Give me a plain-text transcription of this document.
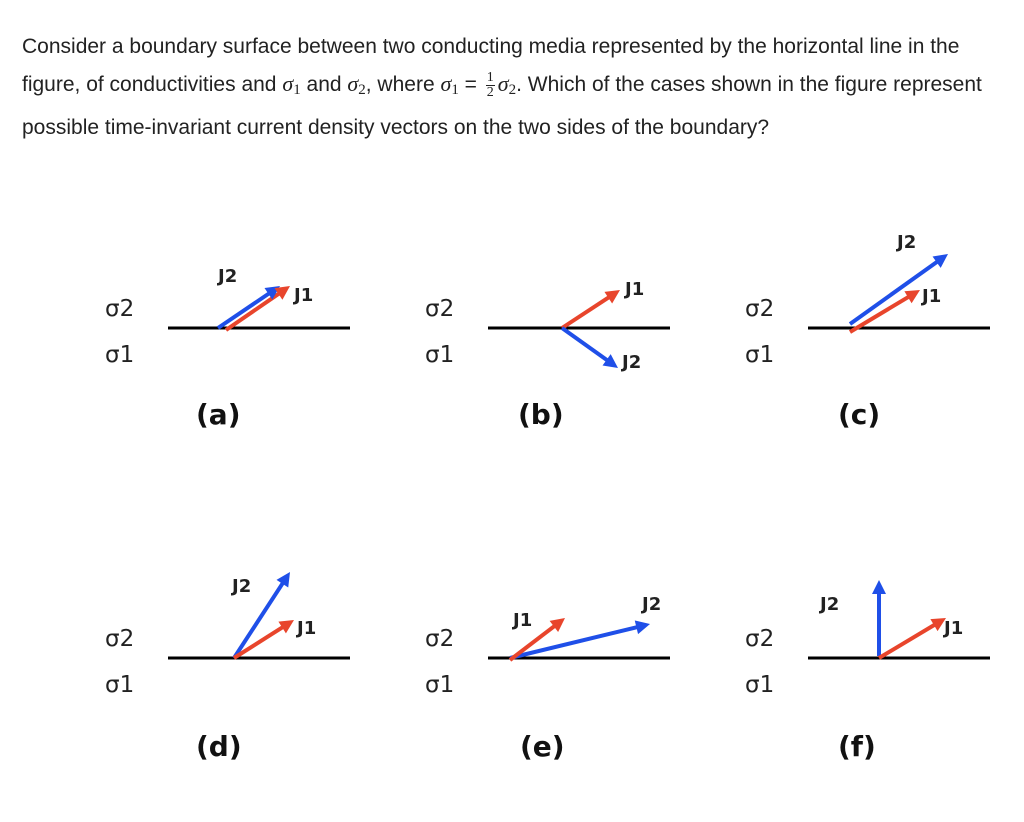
Consider a boundary surface between two conducting media represented by the horizontal line in the figure, of conductivities and $\sigma_1$ and $\sigma_2$, where $\sigma_1 = \frac{1}{2} \sigma_2$. Which of the cases shown in the figure represent possible time-invariant current density vectors on the two sides of the boundary?
σ2
σ1
J2
J1
(a)
σ2
σ1
J1
J2
(b)
σ2
σ1
J2
J1
(c)
σ2
σ1
J2
J1
(d)
σ2
σ1
J2
J1
(e)
σ2
σ1
J2
J1
(f)
